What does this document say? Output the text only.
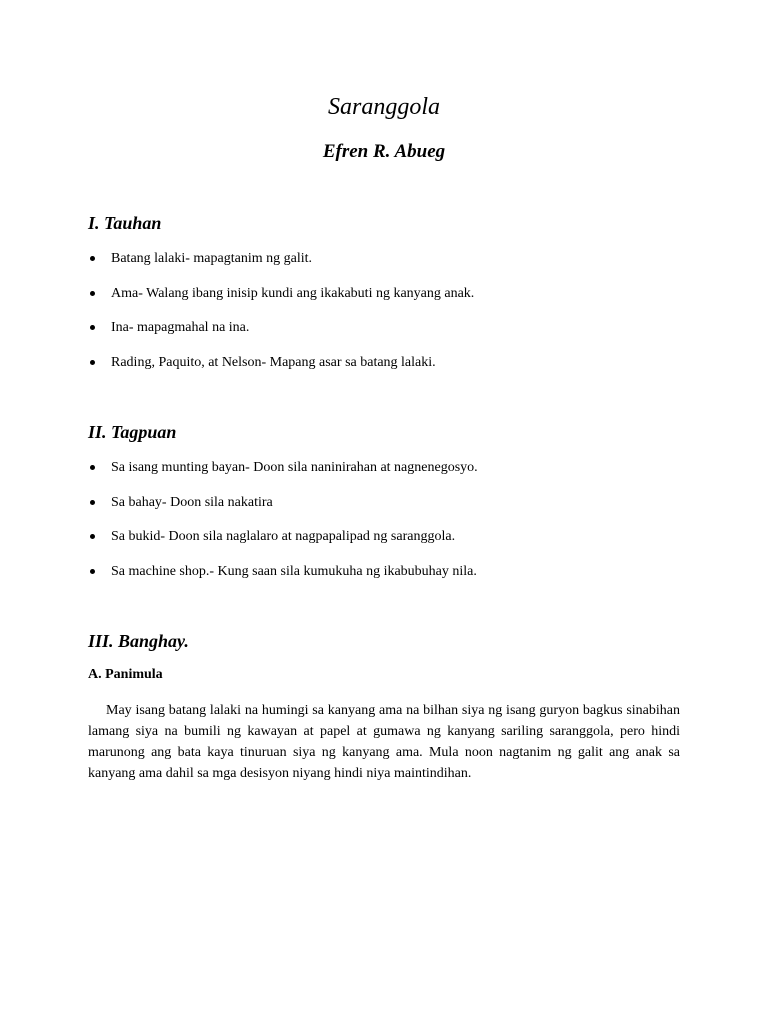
Saranggola
Efren R. Abueg
I. Tauhan
Batang lalaki- mapagtanim ng galit.
Ama- Walang ibang inisip kundi ang ikakabuti ng kanyang anak.
Ina- mapagmahal na ina.
Rading, Paquito, at Nelson- Mapang asar sa batang lalaki.
II. Tagpuan
Sa isang munting bayan- Doon sila naninirahan at nagnenegosyo.
Sa bahay- Doon sila nakatira
Sa bukid- Doon sila naglalaro at nagpapalipad ng saranggola.
Sa machine shop.- Kung saan sila kumukuha ng ikabubuhay nila.
III. Banghay.
A. Panimula

May isang batang lalaki na humingi sa kanyang ama na bilhan siya ng isang guryon bagkus sinabihan lamang siya na bumili ng kawayan at papel at gumawa ng kanyang sariling saranggola, pero hindi marunong ang bata kaya tinuruan siya ng kanyang ama. Mula noon nagtanim ng galit ang anak sa kanyang ama dahil sa mga desisyon niyang hindi niya maintindihan.
